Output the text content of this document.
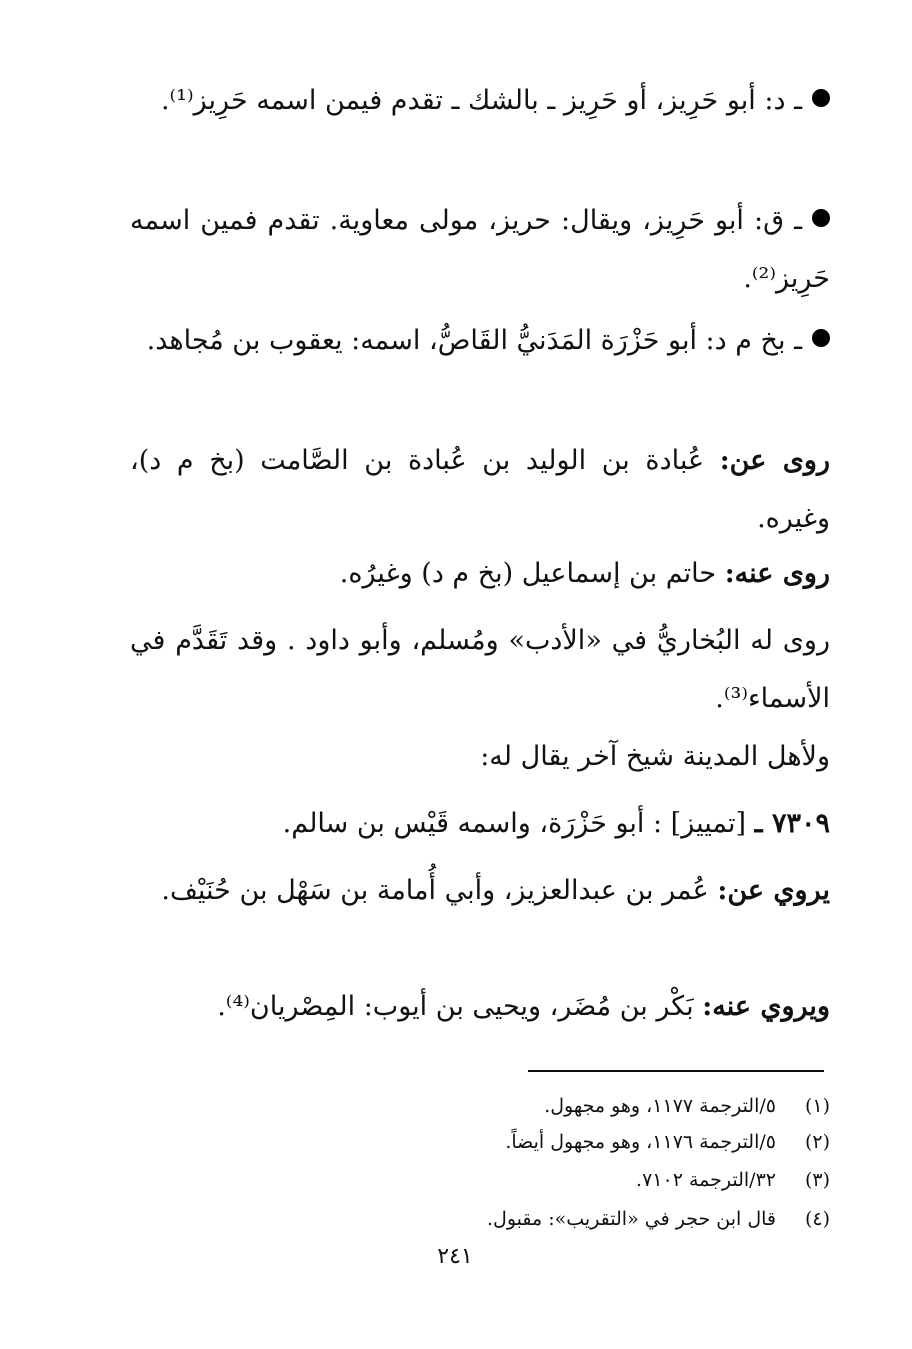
ـ د: أبو حَرِيز، أو حَرِيز ـ بالشك ـ تقدم فيمن اسمه حَرِيز⁽¹⁾.
ـ ق: أبو حَرِيز، ويقال: حريز، مولى معاوية. تقدم فمين اسمه حَرِيز⁽²⁾.
ـ بخ م د: أبو حَزْرَة المَدَنيُّ القَاصُّ، اسمه: يعقوب بن مُجاهد.
روى عن: عُبادة بن الوليد بن عُبادة بن الصَّامت (بخ م د)، وغيره.
روى عنه: حاتم بن إسماعيل (بخ م د) وغيرُه.
روى له البُخاريُّ في «الأدب» ومُسلم، وأبو داود . وقد تَقَدَّم في الأسماء⁽³⁾.
ولأهل المدينة شيخ آخر يقال له:
٧٣٠٩ ـ [تمييز] : أبو حَزْرَة، واسمه قَيْس بن سالم.
يروي عن: عُمر بن عبدالعزيز، وأبي أُمامة بن سَهْل بن حُنَيْف.
ويروي عنه: بَكْر بن مُضَر، ويحيى بن أيوب: المِصْريان⁽⁴⁾.
(١)٥/الترجمة ١١٧٧، وهو مجهول.
(٢)٥/الترجمة ١١٧٦، وهو مجهول أيضاً.
(٣)٣٢/الترجمة ٧١٠٢.
(٤)قال ابن حجر في «التقريب»: مقبول.
٢٤١
